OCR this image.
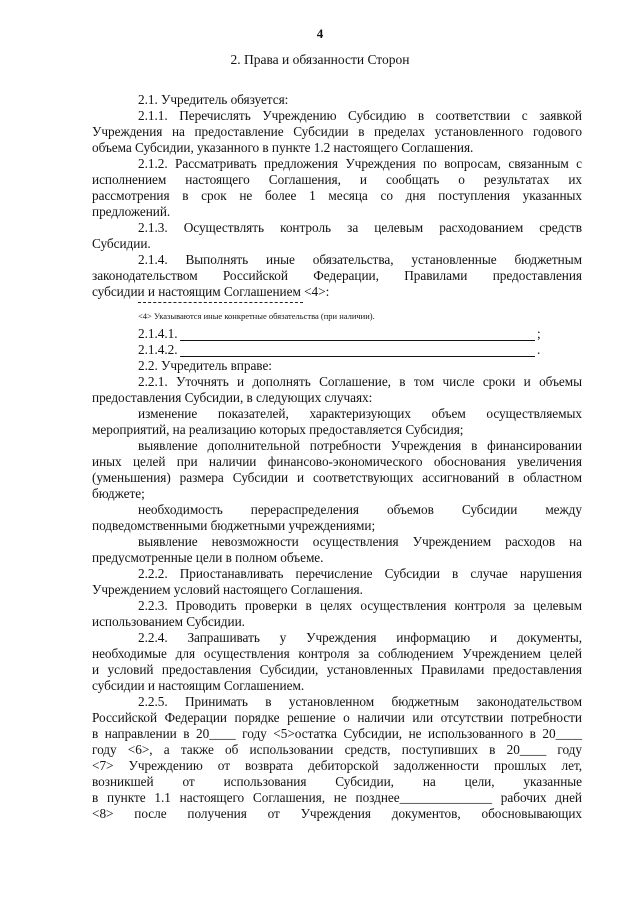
4
2. Права и обязанности Сторон
2.1. Учредитель обязуется:
2.1.1. Перечислять Учреждению Субсидию в соответствии с заявкой
Учреждения на предоставление Субсидии в пределах установленного годового
объема Субсидии, указанного в пункте 1.2 настоящего Соглашения.
2.1.2. Рассматривать предложения Учреждения по вопросам, связанным с
исполнением настоящего Соглашения, и сообщать о результатах их
рассмотрения в срок не более 1 месяца со дня поступления указанных
предложений.
2.1.3. Осуществлять контроль за целевым расходованием средств
Субсидии.
2.1.4. Выполнять иные обязательства, установленные бюджетным
законодательством Российской Федерации, Правилами предоставления
субсидии и настоящим Соглашением <4>:
<4> Указываются иные конкретные обязательства (при наличии).
2.1.4.1.	;
2.1.4.2.	.
2.2. Учредитель вправе:
2.2.1. Уточнять и дополнять Соглашение, в том числе сроки и объемы
предоставления Субсидии, в следующих случаях:
изменение показателей, характеризующих объем осуществляемых
мероприятий, на реализацию которых предоставляется Субсидия;
выявление дополнительной потребности Учреждения в финансировании
иных целей при наличии финансово-экономического обоснования увеличения
(уменьшения) размера Субсидии и соответствующих ассигнований в областном
бюджете;
необходимость перераспределения объемов Субсидии между
подведомственными бюджетными учреждениями;
выявление невозможности осуществления Учреждением расходов на
предусмотренные цели в полном объеме.
2.2.2. Приостанавливать перечисление Субсидии в случае нарушения
Учреждением условий настоящего Соглашения.
2.2.3. Проводить проверки в целях осуществления контроля за целевым
использованием Субсидии.
2.2.4. Запрашивать у Учреждения информацию и документы,
необходимые для осуществления контроля за соблюдением Учреждением целей
и условий предоставления Субсидии, установленных Правилами предоставления
субсидии и настоящим Соглашением.
2.2.5. Принимать в установленном бюджетным законодательством
Российской Федерации порядке решение о наличии или отсутствии потребности
в направлении в 20____ году <5>остатка Субсидии, не использованного в 20____
году <6>, а также об использовании средств, поступивших в 20____ году
<7> Учреждению от возврата дебиторской задолженности прошлых лет,
возникшей от использования Субсидии, на цели, указанные
в пункте 1.1 настоящего Соглашения, не позднее______________ рабочих дней
<8> после получения от Учреждения документов, обосновывающих
